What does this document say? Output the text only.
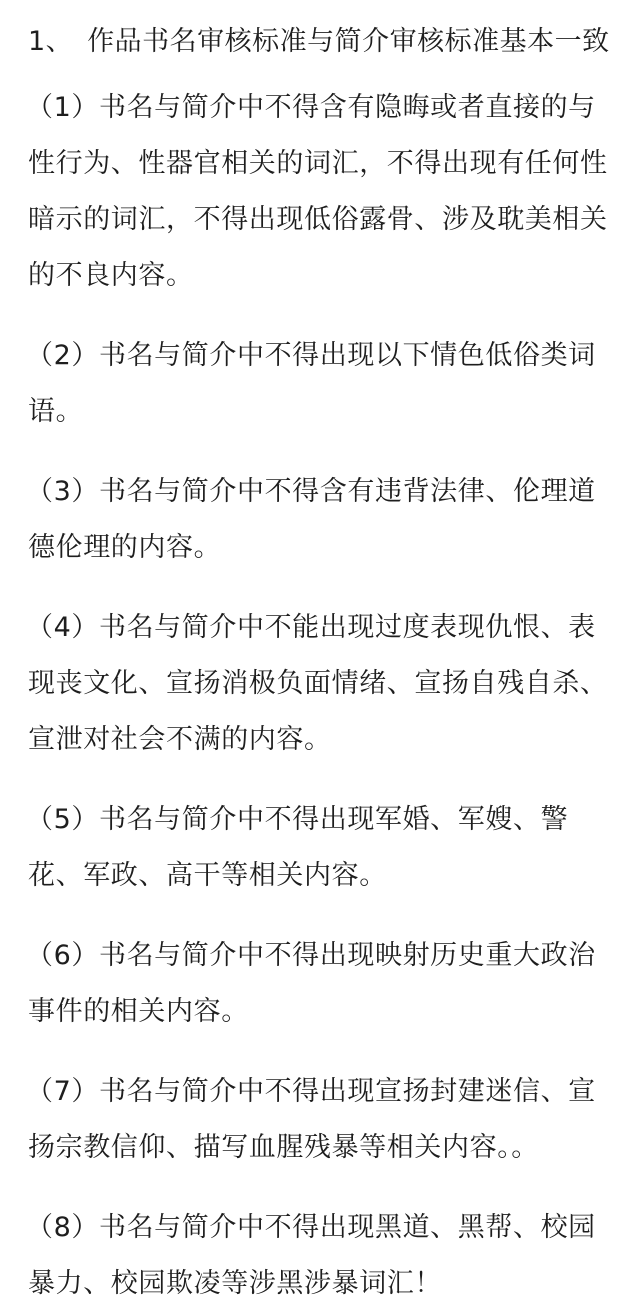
1、 作品书名审核标准与简介审核标准基本一致

（1）书名与简介中不得含有隐晦或者直接的与性行为、性器官相关的词汇，不得出现有任何性暗示的词汇，不得出现低俗露骨、涉及耽美相关的不良内容。

（2）书名与简介中不得出现以下情色低俗类词语。

（3）书名与简介中不得含有违背法律、伦理道德伦理的内容。

（4）书名与简介中不能出现过度表现仇恨、表现丧文化、宣扬消极负面情绪、宣扬自残自杀、宣泄对社会不满的内容。

（5）书名与简介中不得出现军婚、军嫂、警花、军政、高干等相关内容。

（6）书名与简介中不得出现映射历史重大政治事件的相关内容。

（7）书名与简介中不得出现宣扬封建迷信、宣扬宗教信仰、描写血腥残暴等相关内容。。

（8）书名与简介中不得出现黑道、黑帮、校园暴力、校园欺凌等涉黑涉暴词汇！
